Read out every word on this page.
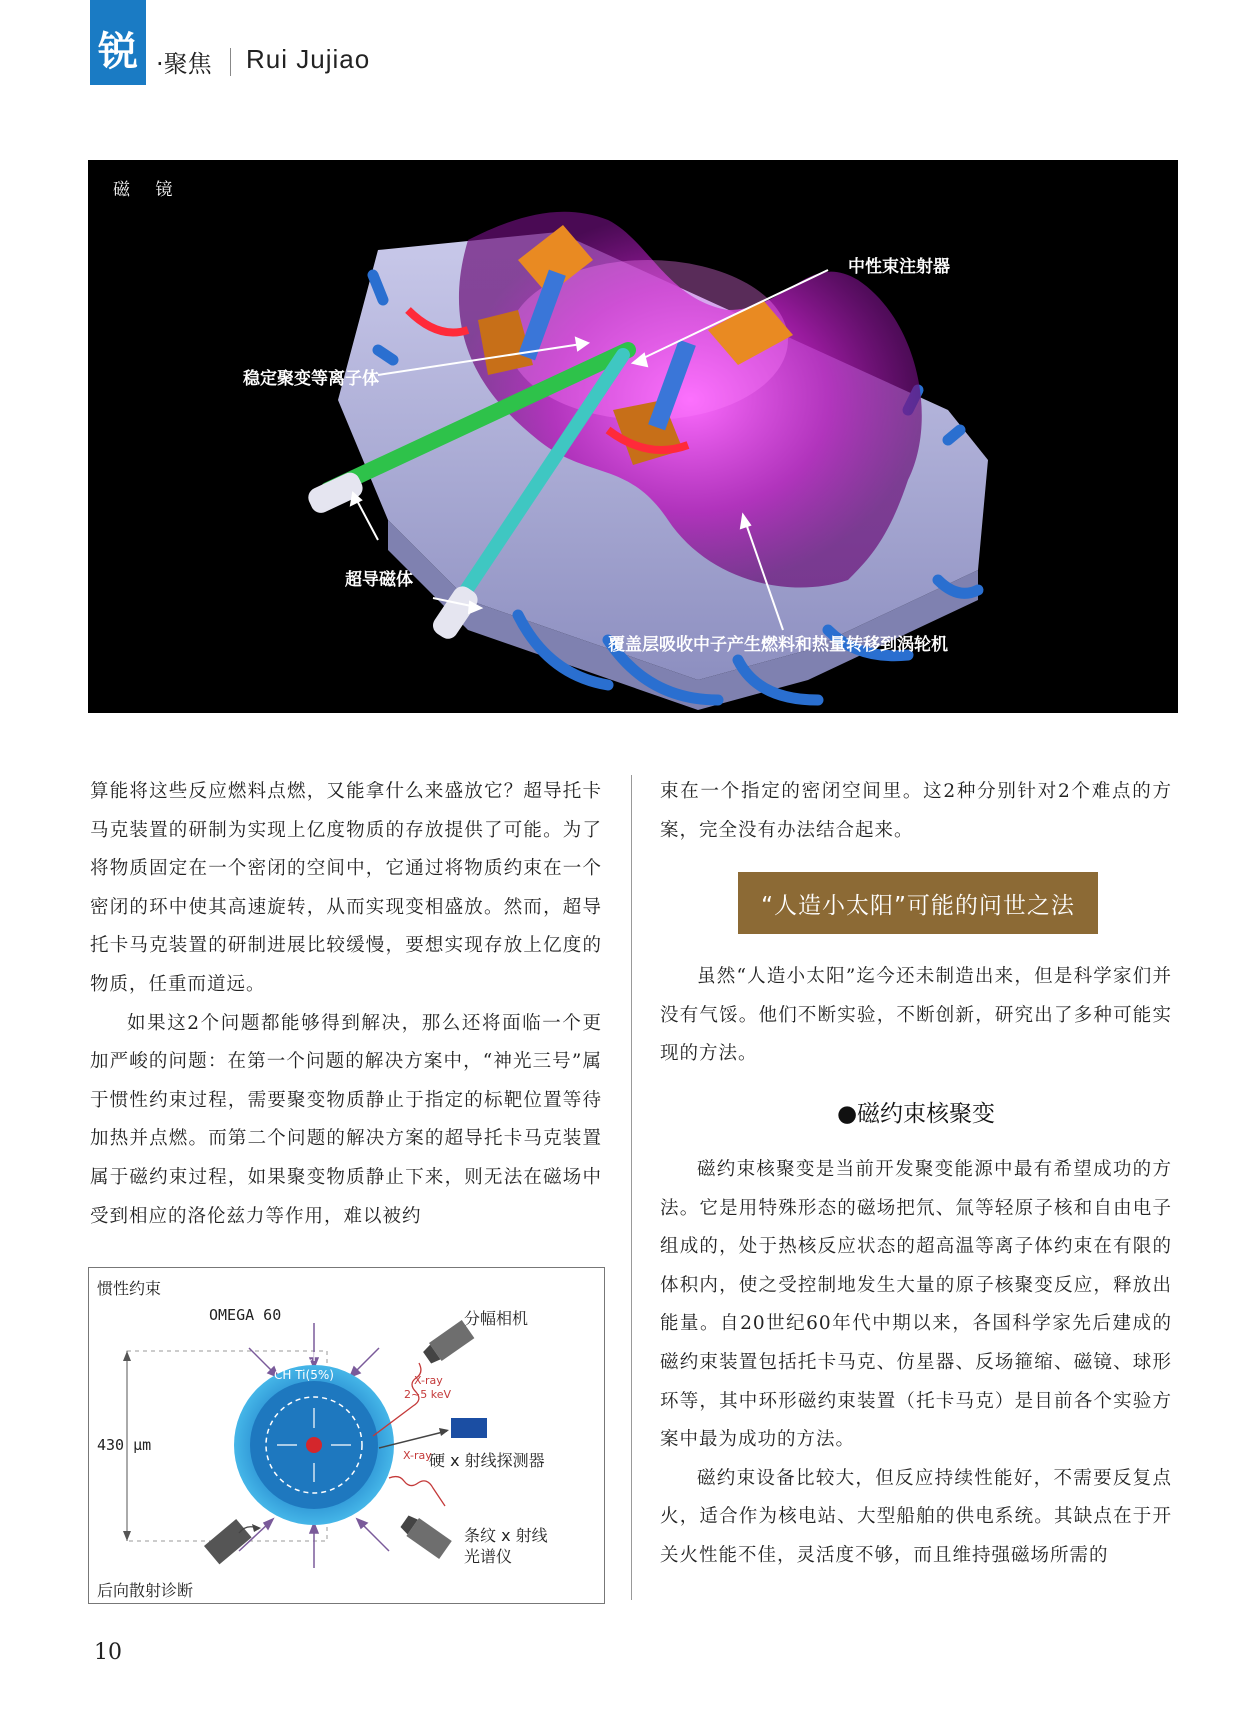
锐 ·聚焦 Rui Jujiao
磁 镜
中性束注射器
稳定聚变等离子体
超导磁体
覆盖层吸收中子产生燃料和热量转移到涡轮机

算能将这些反应燃料点燃，又能拿什么来盛放它？超导托卡马克装置的研制为实现上亿度物质的存放提供了可能。为了将物质固定在一个密闭的空间中，它通过将物质约束在一个密闭的环中使其高速旋转，从而实现变相盛放。然而，超导托卡马克装置的研制进展比较缓慢，要想实现存放上亿度的物质，任重而道远。

如果这2个问题都能够得到解决，那么还将面临一个更加严峻的问题：在第一个问题的解决方案中，“神光三号”属于惯性约束过程，需要聚变物质静止于指定的标靶位置等待加热并点燃。而第二个问题的解决方案的超导托卡马克装置属于磁约束过程，如果聚变物质静止下来，则无法在磁场中受到相应的洛伦兹力等作用，难以被约

束在一个指定的密闭空间里。这2种分别针对2个难点的方案，完全没有办法结合起来。

“人造小太阳”可能的问世之法

虽然“人造小太阳”迄今还未制造出来，但是科学家们并没有气馁。他们不断实验，不断创新，研究出了多种可能实现的方法。

●磁约束核聚变

磁约束核聚变是当前开发聚变能源中最有希望成功的方法。它是用特殊形态的磁场把氘、氚等轻原子核和自由电子组成的，处于热核反应状态的超高温等离子体约束在有限的体积内，使之受控制地发生大量的原子核聚变反应，释放出能量。自20世纪60年代中期以来，各国科学家先后建成的磁约束装置包括托卡马克、仿星器、反场箍缩、磁镜、球形环等，其中环形磁约束装置（托卡马克）是目前各个实验方案中最为成功的方法。

磁约束设备比较大，但反应持续性能好，不需要反复点火，适合作为核电站、大型船舶的供电系统。其缺点在于开关火性能不佳，灵活度不够，而且维持强磁场所需的

惯性约束
OMEGA 60
CH
CH Ti(5%)	X-ray
2~5 keV
X-ray
430 μm
分幅相机
硬 x 射线探测器
条纹 x 射线
光谱仪
后向散射诊断
10
